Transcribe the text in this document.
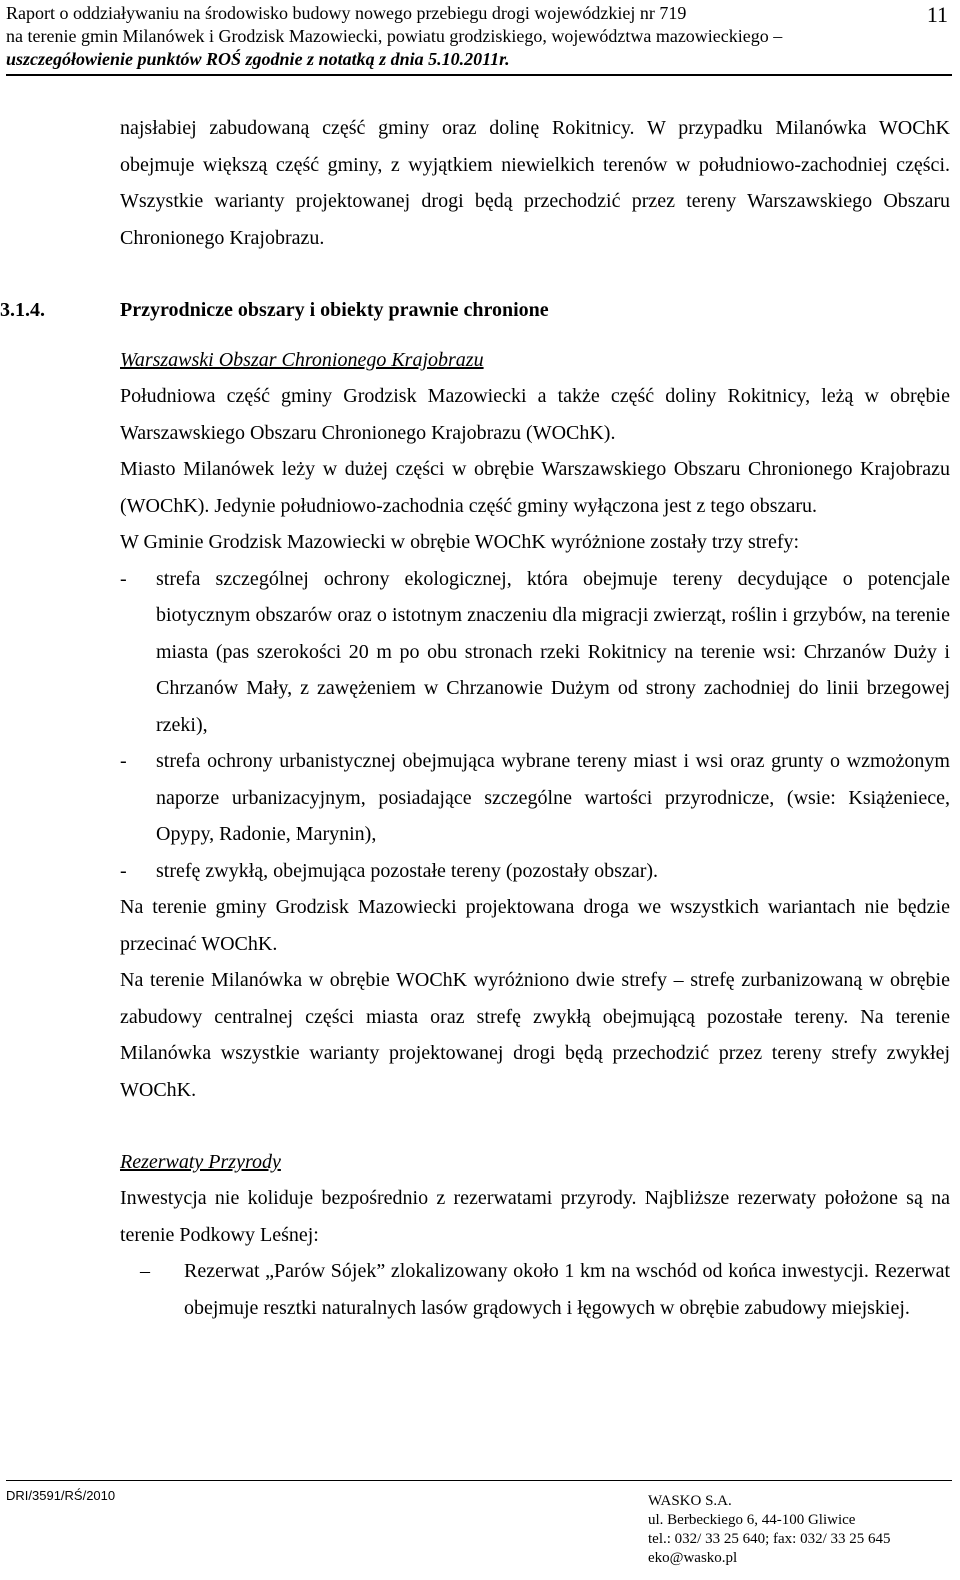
Raport o oddziaływaniu na środowisko budowy nowego przebiegu drogi wojewódzkiej nr 719
na terenie gmin Milanówek i Grodzisk Mazowiecki, powiatu grodziskiego, województwa mazowieckiego –
uszczegółowienie punktów ROŚ zgodnie z notatką z dnia 5.10.2011r.
11

najsłabiej zabudowaną część gminy oraz dolinę Rokitnicy. W przypadku Milanówka WOChK obejmuje większą część gminy, z wyjątkiem niewielkich terenów w południowo-zachodniej części. Wszystkie warianty projektowanej drogi będą przechodzić przez tereny Warszawskiego Obszaru Chronionego Krajobrazu.

3.1.4.	Przyrodnicze obszary i obiekty prawnie chronione
Warszawski Obszar Chronionego Krajobrazu

Południowa część gminy Grodzisk Mazowiecki a także część doliny Rokitnicy, leżą w obrębie Warszawskiego Obszaru Chronionego Krajobrazu (WOChK).

Miasto Milanówek leży w dużej części w obrębie Warszawskiego Obszaru Chronionego Krajobrazu (WOChK). Jedynie południowo-zachodnia część gminy wyłączona jest z tego obszaru.

W Gminie Grodzisk Mazowiecki w obrębie WOChK wyróżnione zostały trzy strefy:

- strefa szczególnej ochrony ekologicznej, która obejmuje tereny decydujące o potencjale biotycznym obszarów oraz o istotnym znaczeniu dla migracji zwierząt, roślin i grzybów, na terenie miasta (pas szerokości 20 m po obu stronach rzeki Rokitnicy na terenie wsi: Chrzanów Duży i Chrzanów Mały, z zawężeniem w Chrzanowie Dużym od strony zachodniej do linii brzegowej rzeki),
- strefa ochrony urbanistycznej obejmująca wybrane tereny miast i wsi oraz grunty o wzmożonym naporze urbanizacyjnym, posiadające szczególne wartości przyrodnicze, (wsie: Książeniece, Opypy, Radonie, Marynin),
- strefę zwykłą, obejmująca pozostałe tereny (pozostały obszar).

Na terenie gminy Grodzisk Mazowiecki projektowana droga we wszystkich wariantach nie będzie przecinać WOChK.

Na terenie Milanówka w obrębie WOChK wyróżniono dwie strefy – strefę zurbanizowaną w obrębie zabudowy centralnej części miasta oraz strefę zwykłą obejmującą pozostałe tereny. Na terenie Milanówka wszystkie warianty projektowanej drogi będą przechodzić przez tereny strefy zwykłej WOChK.

Rezerwaty Przyrody

Inwestycja nie koliduje bezpośrednio z rezerwatami przyrody. Najbliższe rezerwaty położone są na terenie Podkowy Leśnej:

– Rezerwat „Parów Sójek” zlokalizowany około 1 km na wschód od końca inwestycji. Rezerwat obejmuje resztki naturalnych lasów grądowych i łęgowych w obrębie zabudowy miejskiej.
DRI/3591/RŚ/2010	WASKO S.A.
ul. Berbeckiego 6, 44-100 Gliwice
tel.: 032/ 33 25 640; fax: 032/ 33 25 645
eko@wasko.pl
